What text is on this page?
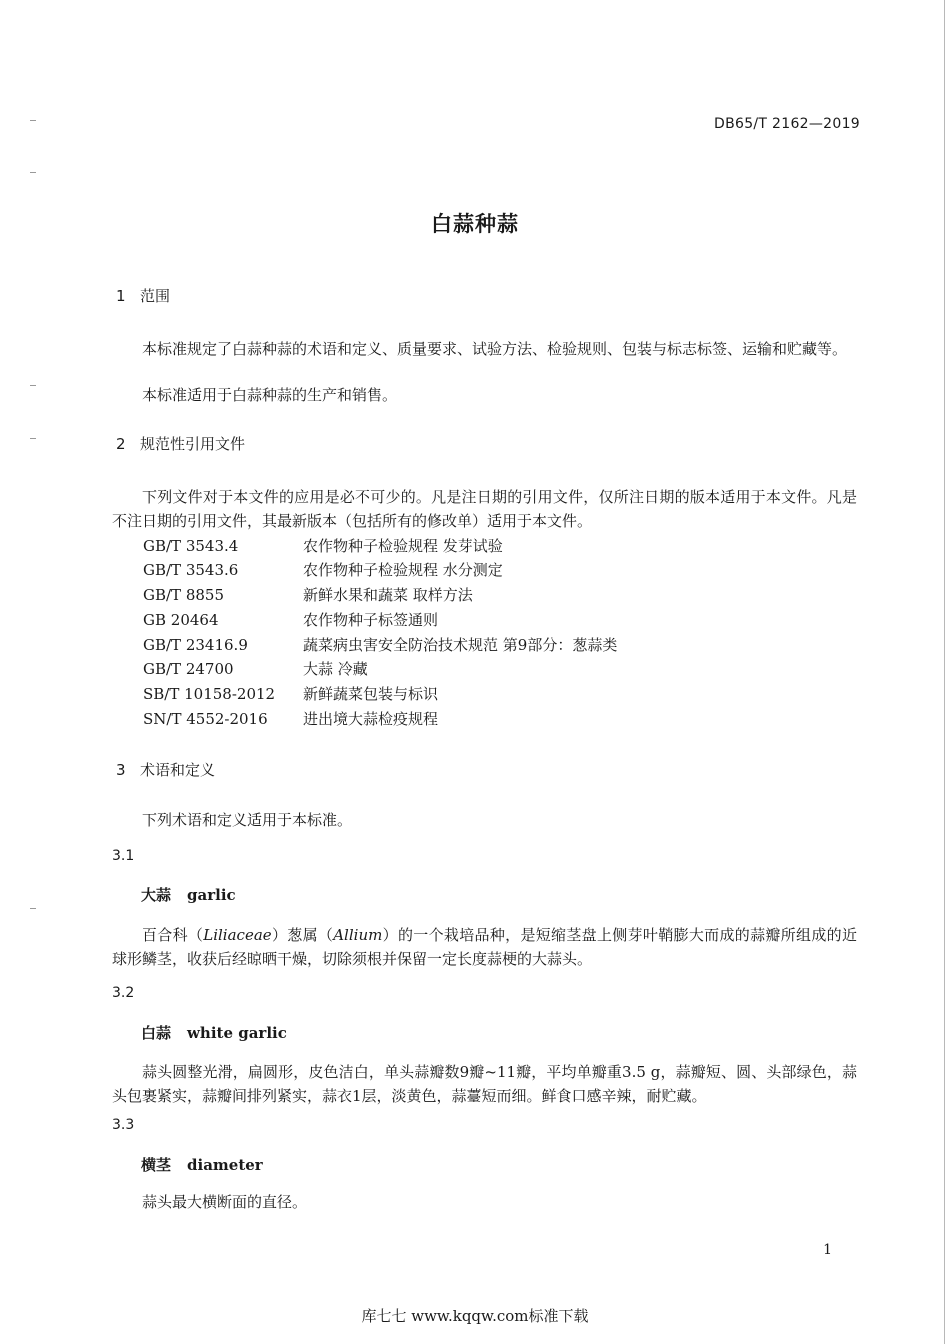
DB65/T 2162—2019
白蒜种蒜
1 范围
本标准规定了白蒜种蒜的术语和定义、质量要求、试验方法、检验规则、包装与标志标签、运输和贮藏等。
本标准适用于白蒜种蒜的生产和销售。
2 规范性引用文件
下列文件对于本文件的应用是必不可少的。凡是注日期的引用文件，仅所注日期的版本适用于本文件。凡是不注日期的引用文件，其最新版本（包括所有的修改单）适用于本文件。
GB/T 3543.4	农作物种子检验规程 发芽试验
GB/T 3543.6	农作物种子检验规程 水分测定
GB/T 8855	新鲜水果和蔬菜 取样方法
GB 20464	农作物种子标签通则
GB/T 23416.9	蔬菜病虫害安全防治技术规范 第9部分：葱蒜类
GB/T 24700	大蒜 冷藏
SB/T 10158-2012 新鲜蔬菜包装与标识
SN/T 4552-2016 进出境大蒜检疫规程
3 术语和定义
下列术语和定义适用于本标准。
3.1
大蒜 garlic
百合科（Liliaceae）葱属（Allium）的一个栽培品种，是短缩茎盘上侧芽叶鞘膨大而成的蒜瓣所组成的近球形鳞茎，收获后经晾晒干燥，切除须根并保留一定长度蒜梗的大蒜头。
3.2
白蒜 white garlic
蒜头圆整光滑，扁圆形，皮色洁白，单头蒜瓣数9瓣~11瓣，平均单瓣重3.5 g，蒜瓣短、圆、头部绿色，蒜头包裹紧实，蒜瓣间排列紧实，蒜衣1层，淡黄色，蒜薹短而细。鲜食口感辛辣，耐贮藏。
3.3
横茎 diameter
蒜头最大横断面的直径。
1
库七七 www.kqqw.com标准下载
